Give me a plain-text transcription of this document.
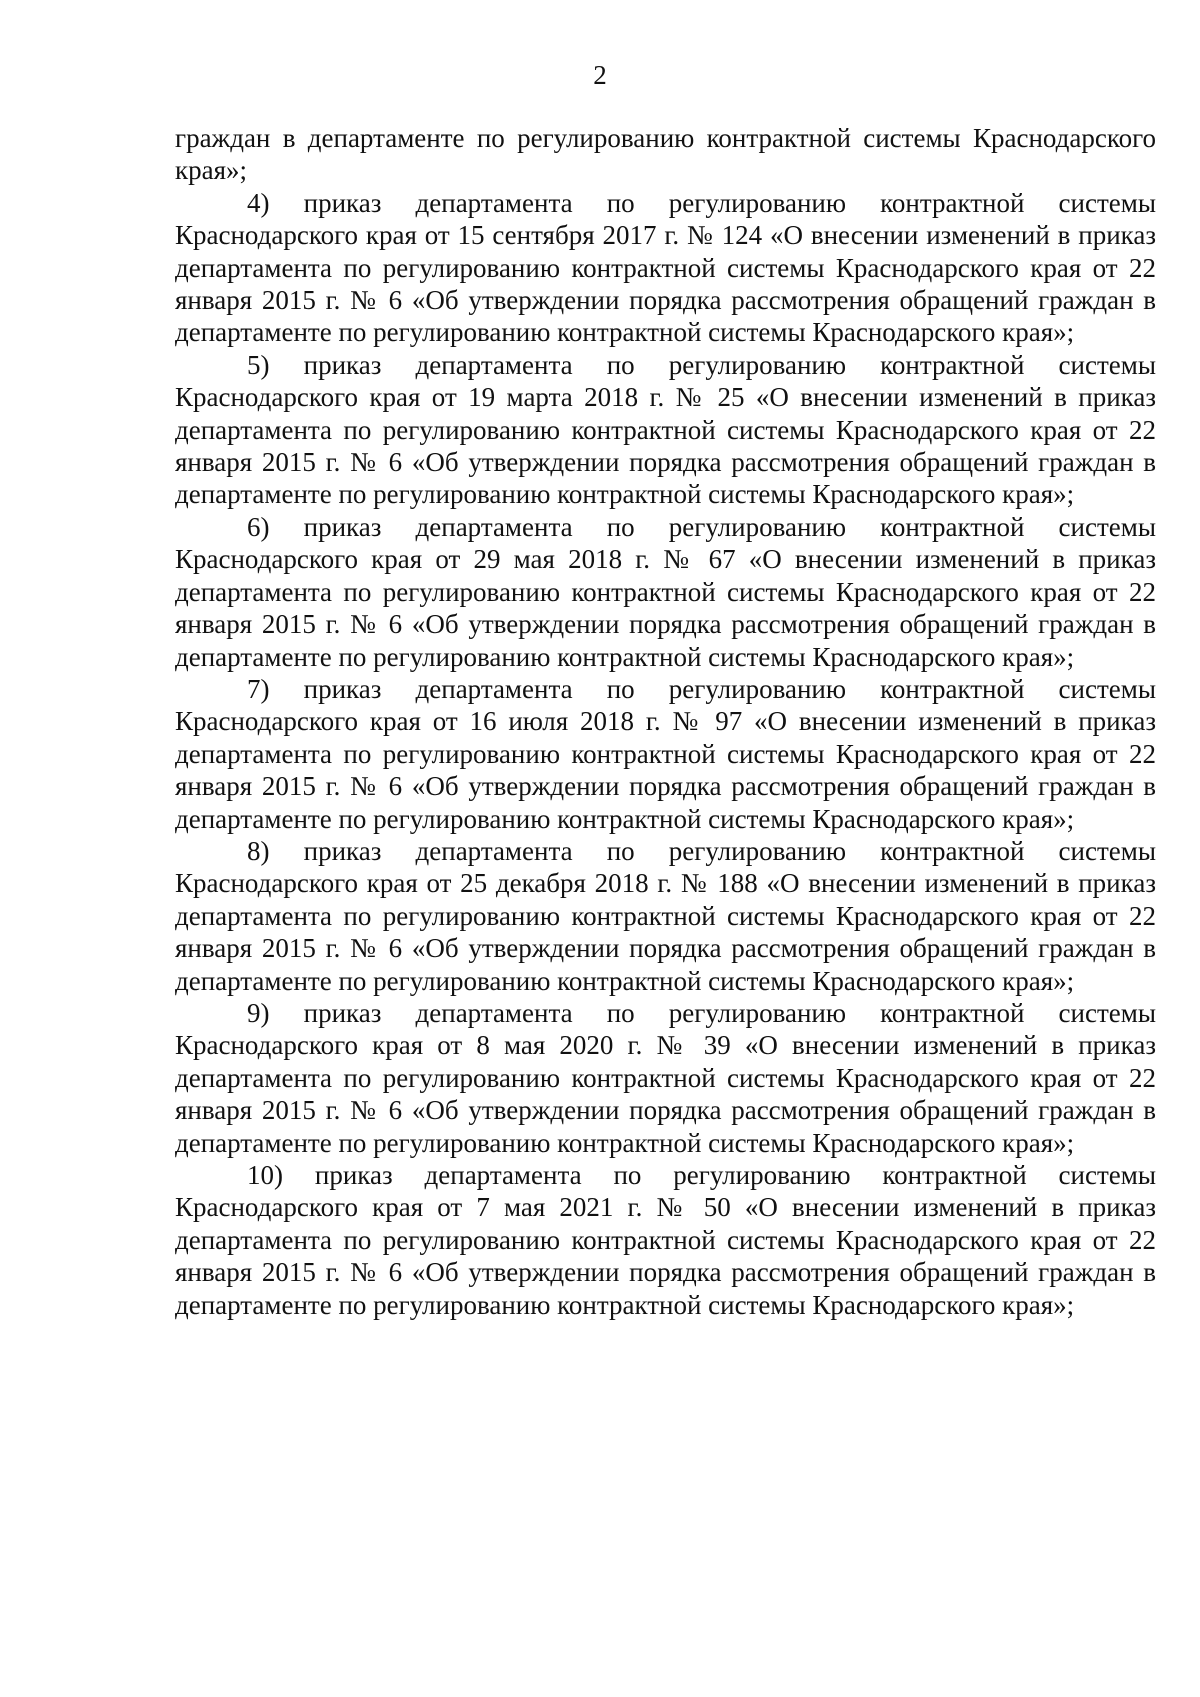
2

граждан в департаменте по регулированию контрактной системы Краснодарского края»;

4) приказ департамента по регулированию контрактной системы Краснодарского края от 15 сентября 2017 г. № 124 «О внесении изменений в приказ департамента по регулированию контрактной системы Краснодарского края от 22 января 2015 г. № 6 «Об утверждении порядка рассмотрения обращений граждан в департаменте по регулированию контрактной системы Краснодарского края»;

5) приказ департамента по регулированию контрактной системы Краснодарского края от 19 марта 2018 г. № 25 «О внесении изменений в приказ департамента по регулированию контрактной системы Краснодарского края от 22 января 2015 г. № 6 «Об утверждении порядка рассмотрения обращений граждан в департаменте по регулированию контрактной системы Краснодарского края»;

6) приказ департамента по регулированию контрактной системы Краснодарского края от 29 мая 2018 г. № 67 «О внесении изменений в приказ департамента по регулированию контрактной системы Краснодарского края от 22 января 2015 г. № 6 «Об утверждении порядка рассмотрения обращений граждан в департаменте по регулированию контрактной системы Краснодарского края»;

7) приказ департамента по регулированию контрактной системы Краснодарского края от 16 июля 2018 г. № 97 «О внесении изменений в приказ департамента по регулированию контрактной системы Краснодарского края от 22 января 2015 г. № 6 «Об утверждении порядка рассмотрения обращений граждан в департаменте по регулированию контрактной системы Краснодарского края»;

8) приказ департамента по регулированию контрактной системы Краснодарского края от 25 декабря 2018 г. № 188 «О внесении изменений в приказ департамента по регулированию контрактной системы Краснодарского края от 22 января 2015 г. № 6 «Об утверждении порядка рассмотрения обращений граждан в департаменте по регулированию контрактной системы Краснодарского края»;

9) приказ департамента по регулированию контрактной системы Краснодарского края от 8 мая 2020 г. № 39 «О внесении изменений в приказ департамента по регулированию контрактной системы Краснодарского края от 22 января 2015 г. № 6 «Об утверждении порядка рассмотрения обращений граждан в департаменте по регулированию контрактной системы Краснодарского края»;

10) приказ департамента по регулированию контрактной системы Краснодарского края от 7 мая 2021 г. № 50 «О внесении изменений в приказ департамента по регулированию контрактной системы Краснодарского края от 22 января 2015 г. № 6 «Об утверждении порядка рассмотрения обращений граждан в департаменте по регулированию контрактной системы Краснодарского края»;
